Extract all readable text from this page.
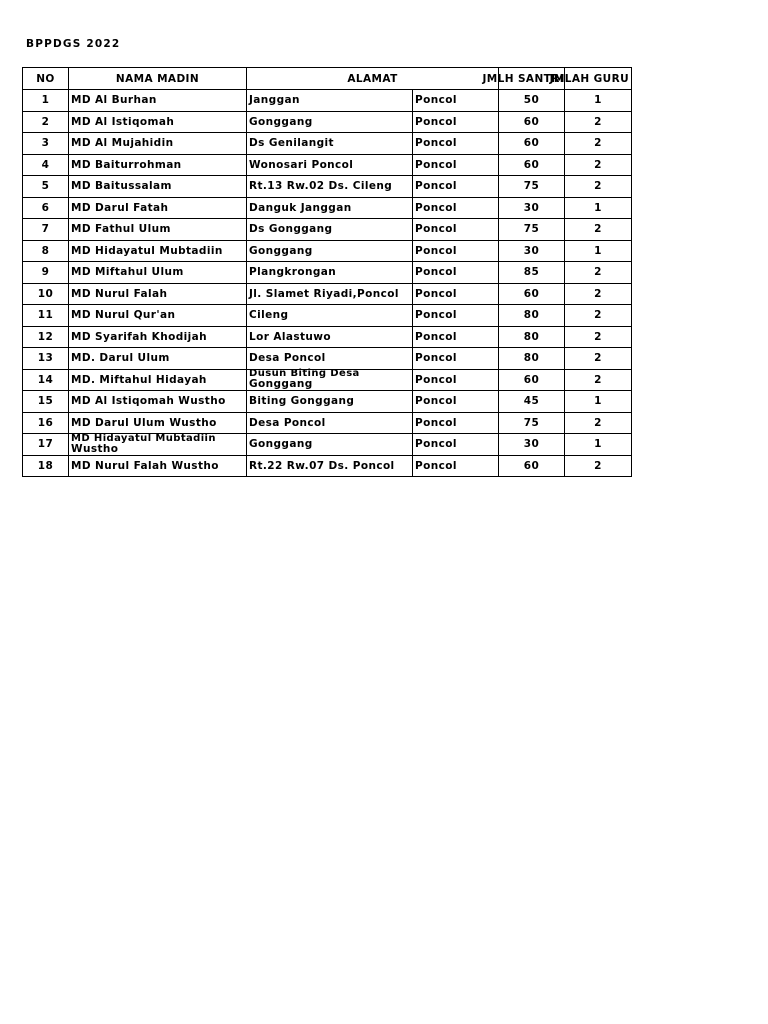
BPPDGS 2022
NO	NAMA MADIN	ALAMAT		JMLH SANTRI	JMLAH GURU

1	MD Al Burhan	Janggan	Poncol	50	1
2	MD Al Istiqomah	Gonggang	Poncol	60	2
3	MD Al Mujahidin	Ds Genilangit	Poncol	60	2
4	MD Baiturrohman	Wonosari Poncol	Poncol	60	2
5	MD Baitussalam	Rt.13 Rw.02 Ds. Cileng	Poncol	75	2
6	MD Darul Fatah	Danguk Janggan	Poncol	30	1
7	MD Fathul Ulum	Ds Gonggang	Poncol	75	2
8	MD Hidayatul Mubtadiin	Gonggang	Poncol	30	1
9	MD Miftahul Ulum	Plangkrongan	Poncol	85	2
10	MD Nurul Falah	Jl. Slamet Riyadi,Poncol	Poncol	60	2
11	MD Nurul Qur'an	Cileng	Poncol	80	2
12	MD Syarifah Khodijah	Lor Alastuwo	Poncol	80	2
13	MD. Darul Ulum	Desa Poncol	Poncol	80	2
14	MD. Miftahul Hidayah	Dusun Biting Desa
Gonggang	Poncol	60	2
15	MD Al Istiqomah Wustho	Biting Gonggang	Poncol	45	1
16	MD Darul Ulum Wustho	Desa Poncol	Poncol	75	2
17	MD Hidayatul Mubtadiin
Wustho	Gonggang	Poncol	30	1
18	MD Nurul Falah Wustho	Rt.22 Rw.07 Ds. Poncol	Poncol	60	2
